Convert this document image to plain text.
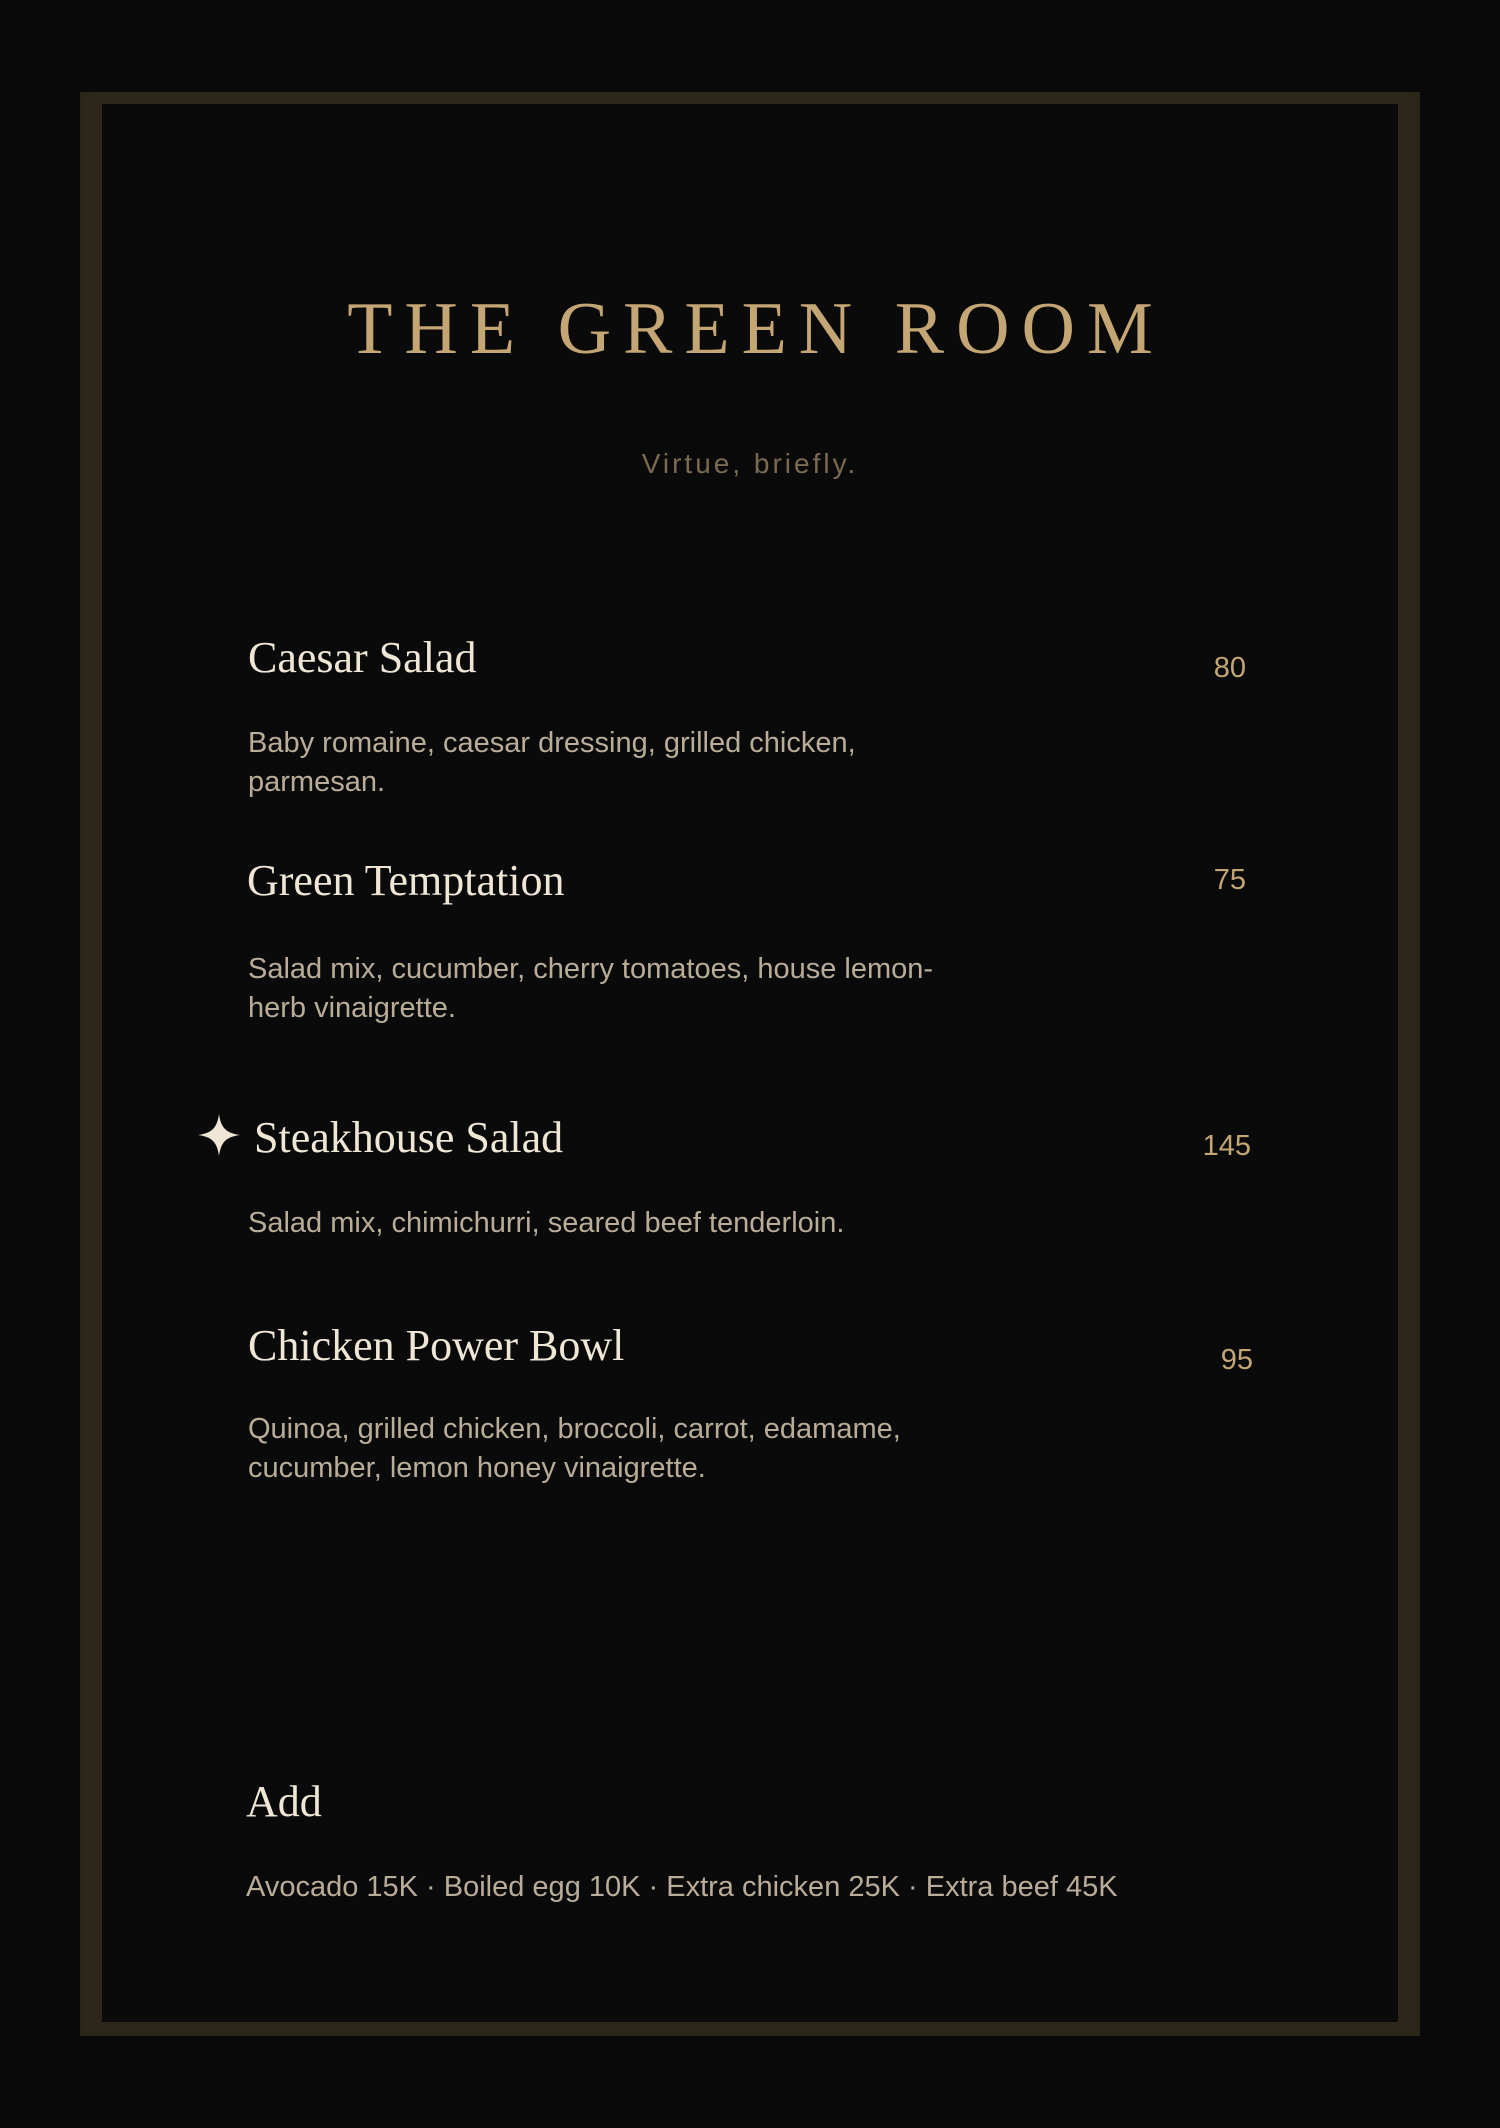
THE GREEN ROOM
Virtue, briefly.
Caesar Salad	80
Baby romaine, caesar dressing, grilled chicken, parmesan.
Green Temptation	75
Salad mix, cucumber, cherry tomatoes, house lemon-herb vinaigrette.
Steakhouse Salad	145
Salad mix, chimichurri, seared beef tenderloin.
Chicken Power Bowl	95
Quinoa, grilled chicken, broccoli, carrot, edamame, cucumber, lemon honey vinaigrette.
Add
Avocado 15K · Boiled egg 10K · Extra chicken 25K · Extra beef 45K
